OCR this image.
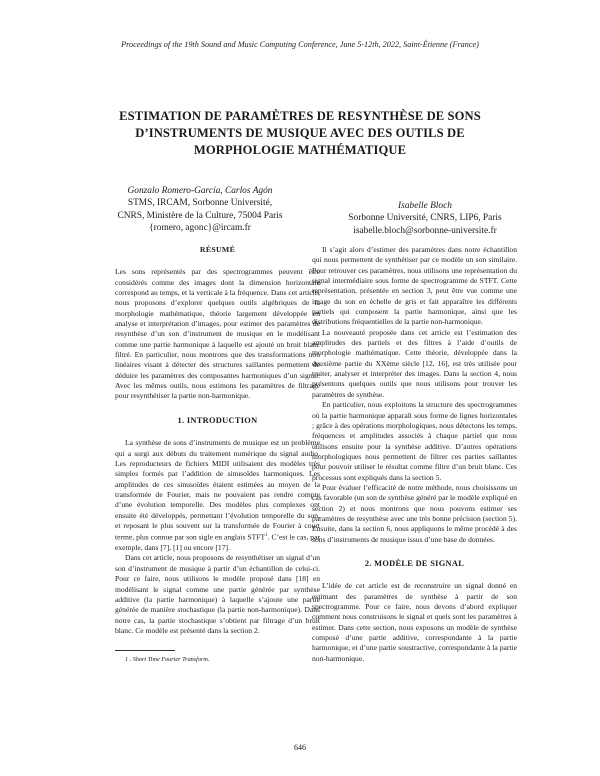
Proceedings of the 19th Sound and Music Computing Conference, June 5-12th, 2022, Saint-Étienne (France)
ESTIMATION DE PARAMÈTRES DE RESYNTHÈSE DE SONS
D’INSTRUMENTS DE MUSIQUE AVEC DES OUTILS DE
MORPHOLOGIE MATHÉMATIQUE
Gonzalo Romero-García, Carlos Agón
STMS, IRCAM, Sorbonne Université,
CNRS, Ministère de la Culture, 75004 Paris
{romero, agonc}@ircam.fr
Isabelle Bloch
Sorbonne Université, CNRS, LIP6, Paris
isabelle.bloch@sorbonne-universite.fr
RÉSUMÉ

Les sons représentés par des spectrogrammes peuvent être considérés comme des images dont la dimension horizontale correspond au temps, et la verticale à la fréquence. Dans cet article, nous proposons d’explorer quelques outils algébriques de la morphologie mathématique, théorie largement développée en analyse et interprétation d’images, pour estimer des paramètres de resynthèse d’un son d’instrument de musique en le modélisant comme une partie harmonique à laquelle est ajouté un bruit blanc filtré. En particulier, nous montrons que des transformations non linéaires visant à détecter des structures saillantes permettent de déduire les paramètres des composantes harmoniques d’un signal. Avec les mêmes outils, nous estimons les paramètres de filtrage pour resynthétiser la partie non-harmonique.

1. INTRODUCTION

La synthèse de sons d’instruments de musique est un problème qui a surgi aux débuts du traitement numérique du signal audio. Les reproducteurs de fichiers MIDI utilisaient des modèles très simples formés par l’addition de sinusoïdes harmoniques. Les amplitudes de ces sinusoïdes étaient estimées au moyen de la transformée de Fourier, mais ne pouvaient pas rendre compte d’une évolution temporelle. Des modèles plus complexes ont ensuite été développés, permettant l’évolution temporelle du son, et reposant le plus souvent sur la transformée de Fourier à court terme, plus connue par son sigle en anglais STFT$^1$. C’est le cas, par exemple, dans [7], [1] ou encore [17].

Dans cet article, nous proposons de resynthétiser un signal d’un son d’instrument de musique à partir d’un échantillon de celui-ci. Pour ce faire, nous utilisons le modèle proposé dans [18] en modélisant le signal comme une partie générée par synthèse additive (la partie harmonique) à laquelle s’ajoute une partie générée de manière stochastique (la partie non-harmonique). Dans notre cas, la partie stochastique s’obtient par filtrage d’un bruit blanc. Ce modèle est présenté dans la section 2.

1 . Short Time Fourier Transform.

Il s’agit alors d’estimer des paramètres dans notre échantillon qui nous permettent de synthétiser par ce modèle un son similaire. Pour retrouver ces paramètres, nous utilisons une représentation du signal intermédiaire sous forme de spectrogramme de STFT. Cette représentation, présentée en section 3, peut être vue comme une image du son en échelle de gris et fait apparaître les différents partiels qui composent la partie harmonique, ainsi que les distributions fréquentielles de la partie non-harmonique.

La nouveauté proposée dans cet article est l’estimation des amplitudes des partiels et des filtres à l’aide d’outils de morphologie mathématique. Cette théorie, développée dans la deuxième partie du XXème siècle [12, 16], est très utilisée pour traiter, analyser et interpréter des images. Dans la section 4, nous présentons quelques outils que nous utilisons pour trouver les paramètres de synthèse.

En particulier, nous exploitons la structure des spectrogrammes où la partie harmonique apparaît sous forme de lignes horizontales ; grâce à des opérations morphologiques, nous détectons les temps, fréquences et amplitudes associés à chaque partiel que nous utilisons ensuite pour la synthèse additive. D’autres opérations morphologiques nous permettent de filtrer ces parties saillantes pour pouvoir utiliser le résultat comme filtre d’un bruit blanc. Ces processus sont expliqués dans la section 5.

Pour évaluer l’efficacité de notre méthode, nous choisissons un cas favorable (un son de synthèse généré par le modèle expliqué en section 2) et nous montrons que nous pouvons estimer ses paramètres de resynthèse avec une très bonne précision (section 5). Ensuite, dans la section 6, nous appliquons le même procédé à des sons d’instruments de musique issus d’une base de données.

2. MODÈLE DE SIGNAL

L’idée de cet article est de reconstruire un signal donné en estimant des paramètres de synthèse à partir de son spectrogramme. Pour ce faire, nous devons d’abord expliquer comment nous construisons le signal et quels sont les paramètres à estimer. Dans cette section, nous exposons un modèle de synthèse composé d’une partie additive, correspondante à la partie harmonique, et d’une partie soustractive, correspondante à la partie non-harmonique.

646
